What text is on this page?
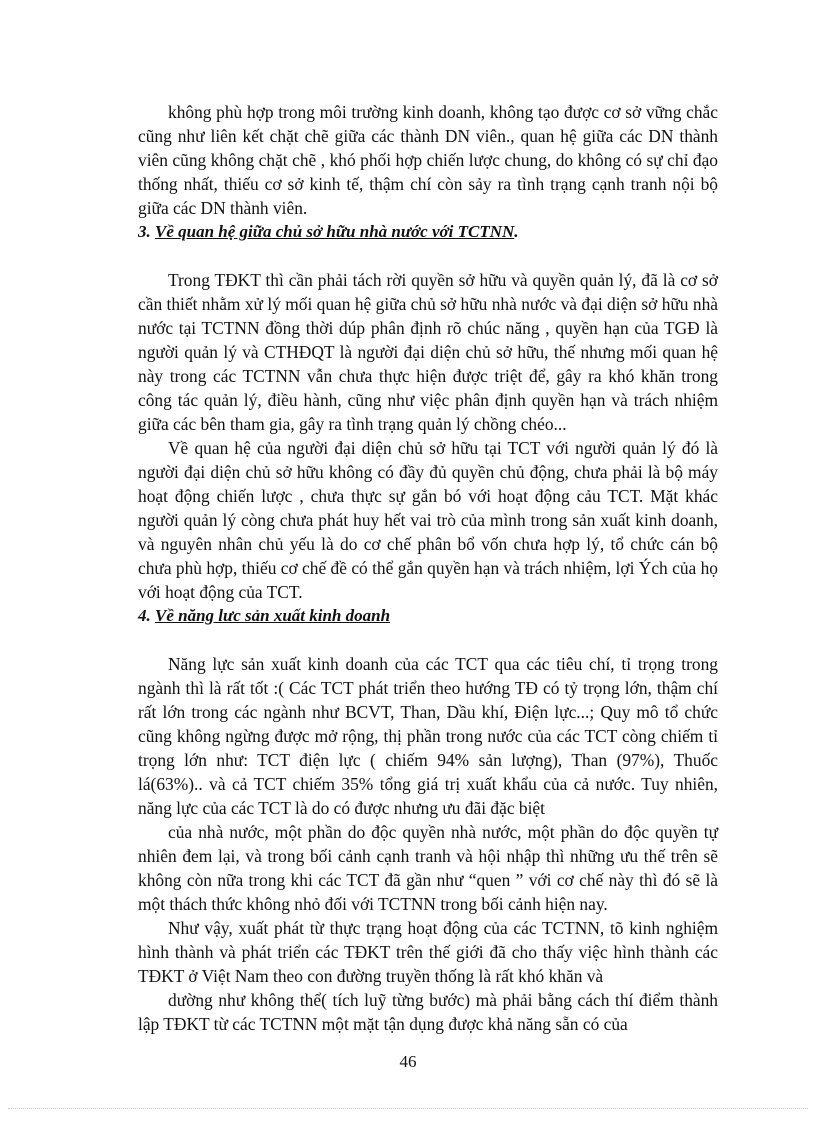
không phù hợp trong môi trường kinh doanh, không tạo được cơ sở vững chắc cũng như liên kết chặt chẽ giữa các thành DN viên., quan hệ giữa các DN thành viên cũng không chặt chẽ , khó phối hợp chiến lược chung, do không có sự chỉ đạo thống nhất, thiếu cơ sở kinh tế, thậm chí còn sảy ra tình trạng cạnh tranh nội bộ giữa các DN thành viên.

3. Về quan hệ giữa chủ sở hữu nhà nước với TCTNN.

Trong TĐKT thì cần phải tách rời quyền sở hữu và quyền quản lý, đã là cơ sở cần thiết nhằm xử lý mối quan hệ giữa chủ sở hữu nhà nước và đại diện sở hữu nhà nước tại TCTNN đồng thời dúp phân định rõ chúc năng , quyền hạn của TGĐ là người quản lý và CTHĐQT là người đại diện chủ sở hữu, thế nhưng mối quan hệ này trong các TCTNN vẫn chưa thực hiện được triệt để, gây ra khó khăn trong công tác quản lý, điều hành, cũng như việc phân định quyền hạn và trách nhiệm giữa các bên tham gia, gây ra tình trạng quản lý chồng chéo...

Về quan hệ của người đại diện chủ sở hữu tại TCT với người quản lý đó là người đại diện chủ sở hữu không có đầy đủ quyền chủ động, chưa phải là bộ máy hoạt động chiến lược , chưa thực sự gắn bó với hoạt động cảu TCT. Mặt khác người quản lý còng chưa phát huy hết vai trò của mình trong sản xuất kinh doanh, và nguyên nhân chủ yếu là do cơ chế phân bổ vốn chưa hợp lý, tổ chức cán bộ chưa phù hợp, thiếu cơ chế đề có thể gắn quyền hạn và trách nhiệm, lợi Ých của họ với hoạt động của TCT.

4. Về năng lưc sản xuất kinh doanh

Năng lực sản xuất kinh doanh của các TCT qua các tiêu chí, tỉ trọng trong ngành thì là rất tốt :( Các TCT phát triển theo hướng TĐ có tỷ trọng lớn, thậm chí rất lớn trong các ngành như BCVT, Than, Dầu khí, Điện lực...; Quy mô tổ chức cũng không ngừng được mở rộng, thị phần trong nước của các TCT còng chiếm tỉ trọng lớn như: TCT điện lực ( chiếm 94% sản lượng), Than (97%), Thuốc lá(63%).. và cả TCT chiếm 35% tổng giá trị xuất khẩu của cả nước. Tuy nhiên, năng lực của các TCT là do có được nhưng ưu đãi đặc biệt

của nhà nước, một phần do độc quyền nhà nước, một phần do độc quyền tự nhiên đem lại, và trong bối cảnh cạnh tranh và hội nhập thì những ưu thế trên sẽ không còn nữa trong khi các TCT đã gần như “quen ” với cơ chế này thì đó sẽ là một thách thức không nhỏ đối với TCTNN trong bối cảnh hiện nay.

Như vậy, xuất phát từ thực trạng hoạt động của các TCTNN, tõ kinh nghiệm hình thành và phát triển các TĐKT trên thế giới đã cho thấy việc hình thành các TĐKT ở Việt Nam theo con đường truyền thống là rất khó khăn và

dường như không thể( tích luỹ từng bước) mà phải bằng cách thí điểm thành lập TĐKT từ các TCTNN một mặt tận dụng được khả năng sẵn có của

46
